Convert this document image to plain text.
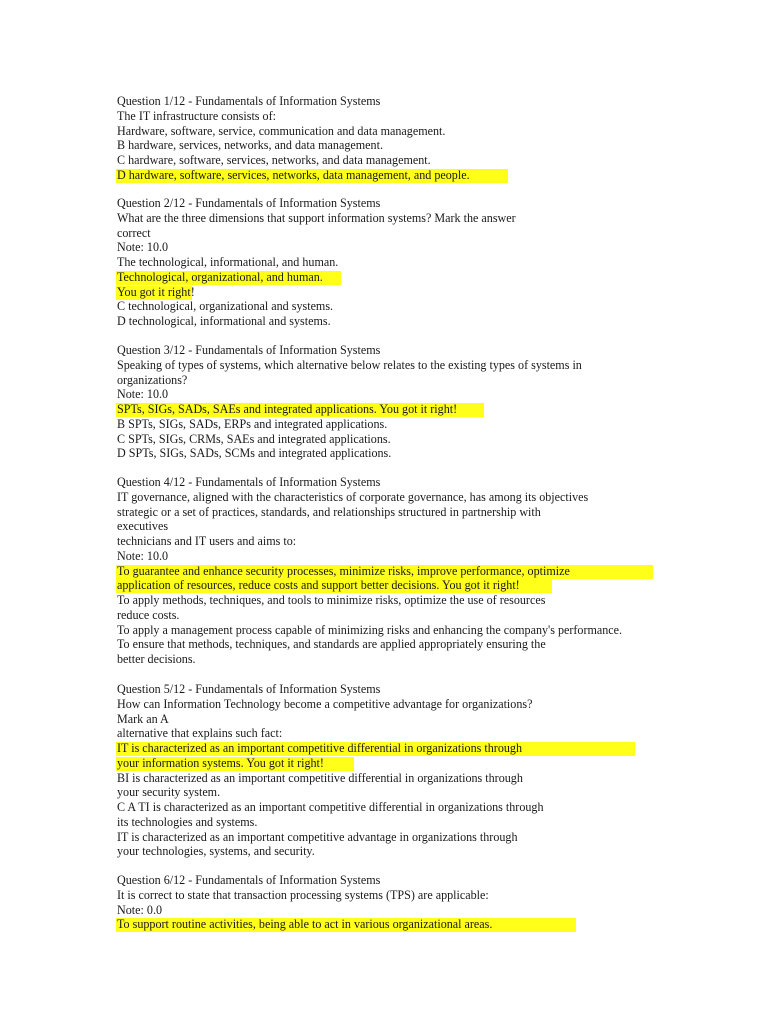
Question 1/12 - Fundamentals of Information Systems
The IT infrastructure consists of:
Hardware, software, service, communication and data management.
B hardware, services, networks, and data management.
C hardware, software, services, networks, and data management.
D hardware, software, services, networks, data management, and people.
Question 2/12 - Fundamentals of Information Systems
What are the three dimensions that support information systems? Mark the answer
correct
Note: 10.0
The technological, informational, and human.
Technological, organizational, and human.
You got it right!
C technological, organizational and systems.
D technological, informational and systems.
Question 3/12 - Fundamentals of Information Systems
Speaking of types of systems, which alternative below relates to the existing types of systems in
organizations?
Note: 10.0
SPTs, SIGs, SADs, SAEs and integrated applications. You got it right!
B SPTs, SIGs, SADs, ERPs and integrated applications.
C SPTs, SIGs, CRMs, SAEs and integrated applications.
D SPTs, SIGs, SADs, SCMs and integrated applications.
Question 4/12 - Fundamentals of Information Systems
IT governance, aligned with the characteristics of corporate governance, has among its objectives
strategic or a set of practices, standards, and relationships structured in partnership with
executives
technicians and IT users and aims to:
Note: 10.0
To guarantee and enhance security processes, minimize risks, improve performance, optimize
application of resources, reduce costs and support better decisions. You got it right!
To apply methods, techniques, and tools to minimize risks, optimize the use of resources
reduce costs.
To apply a management process capable of minimizing risks and enhancing the company's performance.
To ensure that methods, techniques, and standards are applied appropriately ensuring the
better decisions.
Question 5/12 - Fundamentals of Information Systems
How can Information Technology become a competitive advantage for organizations?
Mark an A
alternative that explains such fact:
IT is characterized as an important competitive differential in organizations through
your information systems. You got it right!
BI is characterized as an important competitive differential in organizations through
your security system.
C A TI is characterized as an important competitive differential in organizations through
its technologies and systems.
IT is characterized as an important competitive advantage in organizations through
your technologies, systems, and security.
Question 6/12 - Fundamentals of Information Systems
It is correct to state that transaction processing systems (TPS) are applicable:
Note: 0.0
To support routine activities, being able to act in various organizational areas.
